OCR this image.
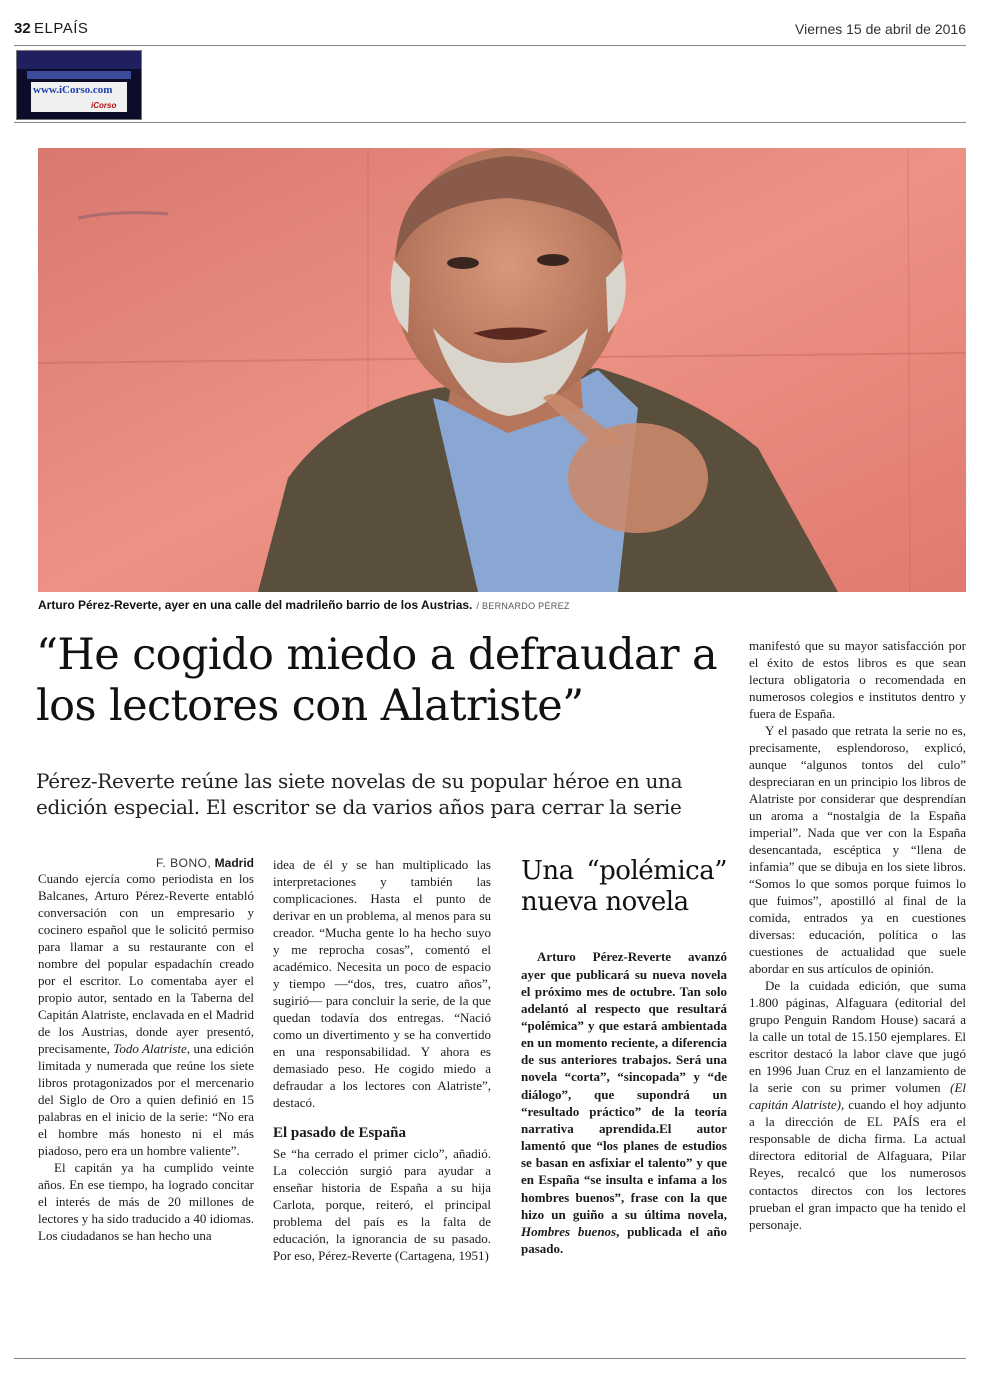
32 ELPAÍS	Viernes 15 de abril de 2016
www.iCorso.com
iCorso
Arturo Pérez-Reverte, ayer en una calle del madrileño barrio de los Austrias. / BERNARDO PÉREZ
“He cogido miedo a defraudar a los lectores con Alatriste”

Pérez-Reverte reúne las siete novelas de su popular héroe en una edición especial. El escritor se da varios años para cerrar la serie

F. BONO, Madrid

Cuando ejercía como periodista en los Balcanes, Arturo Pérez-Reverte entabló conversación con un empresario y cocinero español que le solicitó permiso para llamar a su restaurante con el nombre del popular espadachín creado por el escritor. Lo comentaba ayer el propio autor, sentado en la Taberna del Capitán Alatriste, enclavada en el Madrid de los Austrias, donde ayer presentó, precisamente, Todo Alatriste, una edición limitada y numerada que reúne los siete libros protagonizados por el mercenario del Siglo de Oro a quien definió en 15 palabras en el inicio de la serie: “No era el hombre más honesto ni el más piadoso, pero era un hombre valiente”.

El capitán ya ha cumplido veinte años. En ese tiempo, ha logrado concitar el interés de más de 20 millones de lectores y ha sido traducido a 40 idiomas. Los ciudadanos se han hecho una

idea de él y se han multiplicado las interpretaciones y también las complicaciones. Hasta el punto de derivar en un problema, al menos para su creador. “Mucha gente lo ha hecho suyo y me reprocha cosas”, comentó el académico. Necesita un poco de espacio y tiempo —“dos, tres, cuatro años”, sugirió— para concluir la serie, de la que quedan todavía dos entregas. “Nació como un divertimento y se ha convertido en una responsabilidad. Y ahora es demasiado peso. He cogido miedo a defraudar a los lectores con Alatriste”, destacó.

El pasado de España

Se “ha cerrado el primer ciclo”, añadió. La colección surgió para ayudar a enseñar historia de España a su hija Carlota, porque, reiteró, el principal problema del país es la falta de educación, la ignorancia de su pasado. Por eso, Pérez-Reverte (Cartagena, 1951)

Una “polémica” nueva novela

Arturo Pérez-Reverte avanzó ayer que publicará su nueva novela el próximo mes de octubre. Tan solo adelantó al respecto que resultará “polémica” y que estará ambientada en un momento reciente, a diferencia de sus anteriores trabajos. Será una novela “corta”, “sincopada” y “de diálogo”, que supondrá un “resultado práctico” de la teoría narrativa aprendida.El autor lamentó que “los planes de estudios se basan en asfixiar el talento” y que en España “se insulta e infama a los hombres buenos”, frase con la que hizo un guiño a su última novela, Hombres buenos, publicada el año pasado.

manifestó que su mayor satisfacción por el éxito de estos libros es que sean lectura obligatoria o recomendada en numerosos colegios e institutos dentro y fuera de España.

Y el pasado que retrata la serie no es, precisamente, esplendoroso, explicó, aunque “algunos tontos del culo” despreciaran en un principio los libros de Alatriste por considerar que desprendían un aroma a “nostalgia de la España imperial”. Nada que ver con la España desencantada, escéptica y “llena de infamia” que se dibuja en los siete libros. “Somos lo que somos porque fuimos lo que fuimos”, apostilló al final de la comida, entrados ya en cuestiones diversas: educación, política o las cuestiones de actualidad que suele abordar en sus artículos de opinión.

De la cuidada edición, que suma 1.800 páginas, Alfaguara (editorial del grupo Penguin Random House) sacará a la calle un total de 15.150 ejemplares. El escritor destacó la labor clave que jugó en 1996 Juan Cruz en el lanzamiento de la serie con su primer volumen (El capitán Alatriste), cuando el hoy adjunto a la dirección de EL PAÍS era el responsable de dicha firma. La actual directora editorial de Alfaguara, Pilar Reyes, recalcó que los numerosos contactos directos con los lectores prueban el gran impacto que ha tenido el personaje.
